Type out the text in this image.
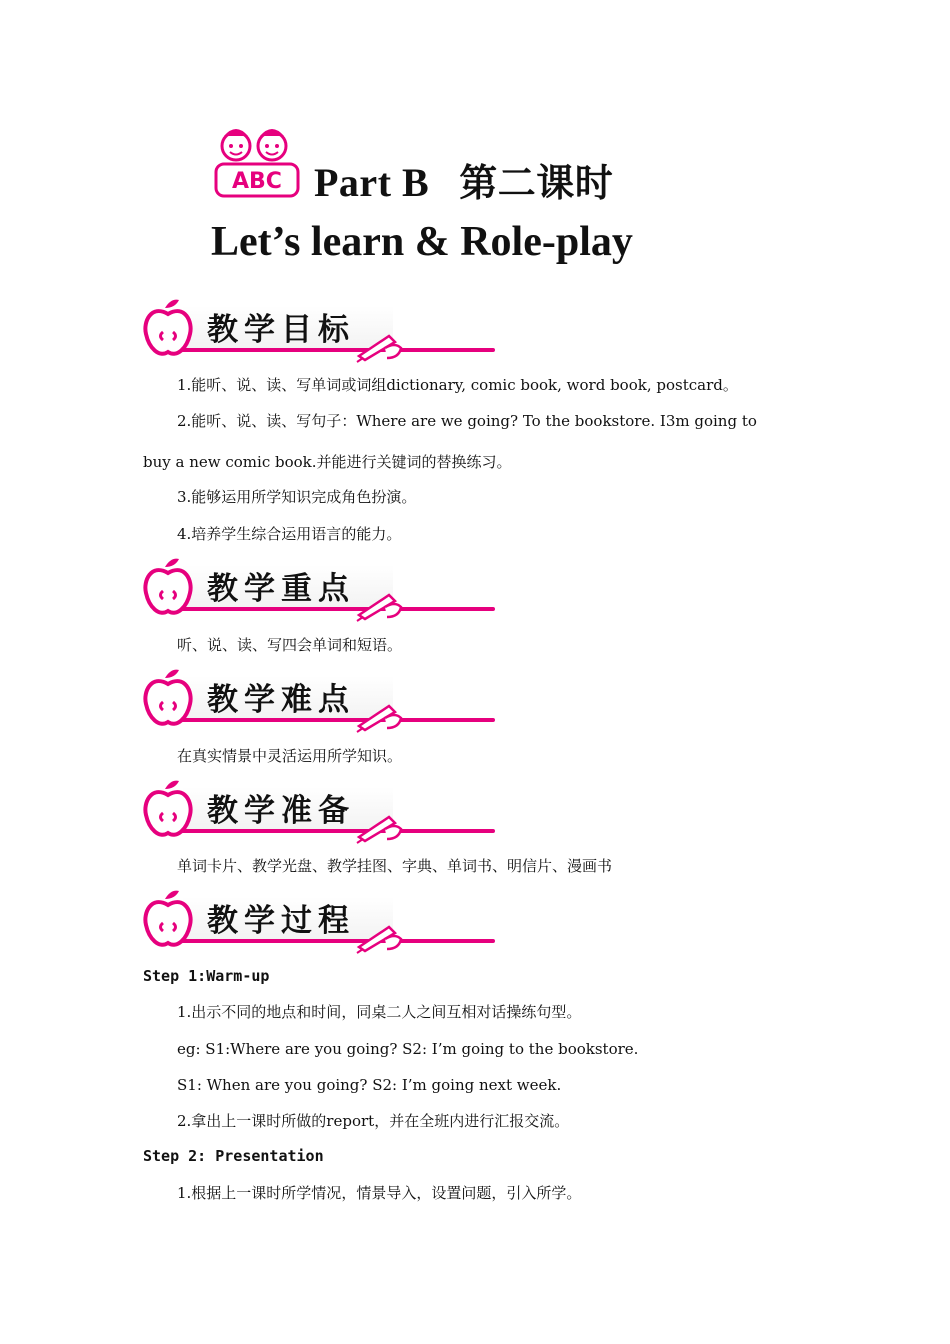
ABC Part B 第二课时
Let’s learn & Role-play
教学目标
1.能听、说、读、写单词或词组dictionary, comic book, word book, postcard。
2.能听、说、读、写句子：Where are we going? To the bookstore. I3m going to
buy a new comic book.并能进行关键词的替换练习。
3.能够运用所学知识完成角色扮演。
4.培养学生综合运用语言的能力。
教学重点
听、说、读、写四会单词和短语。
教学难点
在真实情景中灵活运用所学知识。
教学准备
单词卡片、教学光盘、教学挂图、字典、单词书、明信片、漫画书
教学过程
Step 1:Warm-up
1.出示不同的地点和时间，同桌二人之间互相对话操练句型。
eg: S1:Where are you going? S2: I’m going to the bookstore.
S1: When are you going? S2: I’m going next week.
2.拿出上一课时所做的report，并在全班内进行汇报交流。
Step 2: Presentation
1.根据上一课时所学情况，情景导入，设置问题，引入所学。
